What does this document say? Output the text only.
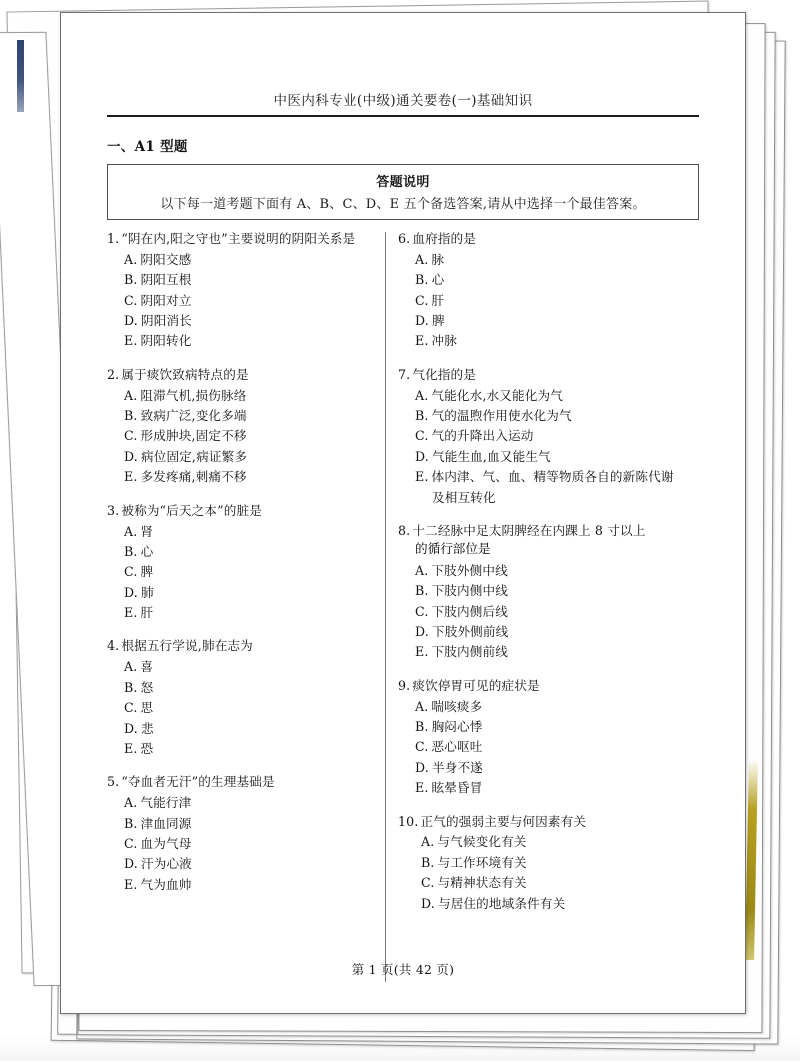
中医内科专业(中级)通关要卷(一)基础知识
一、A1 型题
答题说明
以下每一道考题下面有 A、B、C、D、E 五个备选答案,请从中选择一个最佳答案。
1. “阴在内,阳之守也”主要说明的阴阳关系是
A. 阴阳交感
B. 阴阳互根
C. 阴阳对立
D. 阴阳消长
E. 阴阳转化
2. 属于痰饮致病特点的是
A. 阻滞气机,损伤脉络
B. 致病广泛,变化多端
C. 形成肿块,固定不移
D. 病位固定,病证繁多
E. 多发疼痛,刺痛不移
3. 被称为“后天之本”的脏是
A. 肾
B. 心
C. 脾
D. 肺
E. 肝
4. 根据五行学说,肺在志为
A. 喜
B. 怒
C. 思
D. 悲
E. 恐
5. “夺血者无汗”的生理基础是
A. 气能行津
B. 津血同源
C. 血为气母
D. 汗为心液
E. 气为血帅
6. 血府指的是
A. 脉
B. 心
C. 肝
D. 脾
E. 冲脉
7. 气化指的是
A. 气能化水,水又能化为气
B. 气的温煦作用使水化为气
C. 气的升降出入运动
D. 气能生血,血又能生气
E. 体内津、气、血、精等物质各自的新陈代谢
及相互转化
8. 十二经脉中足太阴脾经在内踝上 8 寸以上
的循行部位是
A. 下肢外侧中线
B. 下肢内侧中线
C. 下肢内侧后线
D. 下肢外侧前线
E. 下肢内侧前线
9. 痰饮停胃可见的症状是
A. 喘咳痰多
B. 胸闷心悸
C. 恶心呕吐
D. 半身不遂
E. 眩晕昏冒
10. 正气的强弱主要与何因素有关
A. 与气候变化有关
B. 与工作环境有关
C. 与精神状态有关
D. 与居住的地域条件有关
第 1 页(共 42 页)
